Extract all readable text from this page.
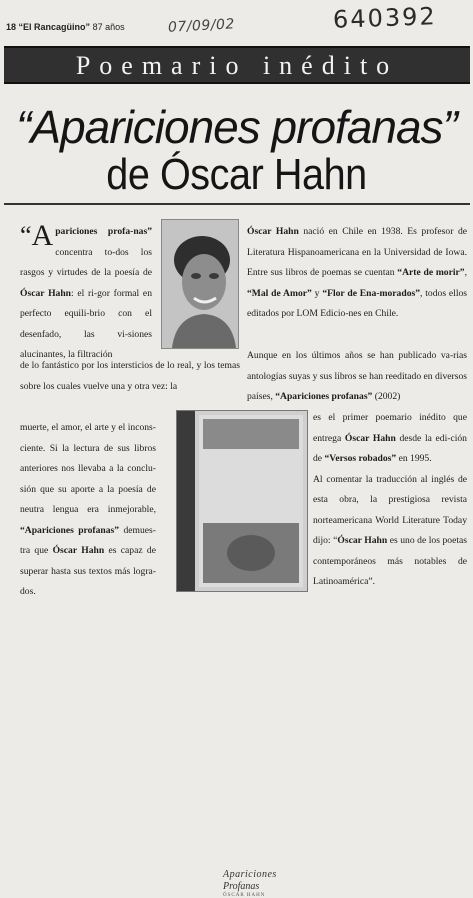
18 “El Rancagüino” 87 años	07/09/02	640392
Poemario inédito
“Apariciones profanas”
de Óscar Hahn

“A pariciones profa-nas” concentra to-dos los rasgos y virtudes de la poesía de Óscar Hahn: el ri-gor formal en perfecto equili-brio con el desenfado, las vi-siones alucinantes, la filtración

de lo fantástico por los intersticios de lo real, y los temas sobre los cuales vuelve una y otra vez: la

muerte, el amor, el arte y el incons-ciente. Si la lectura de sus libros anteriores nos llevaba a la conclu-sión que su aporte a la poesía de neutra lengua era inmejorable, “Apariciones profanas” demues-tra que Óscar Hahn es capaz de superar hasta sus textos más logra-dos.

Apariciones
Profanas
ÓSCAR HAHN

Óscar Hahn nació en Chile en 1938. Es profesor de Literatura Hispanoamericana en la Universidad de Iowa. Entre sus libros de poemas se cuentan “Arte de morir”, “Mal de Amor” y “Flor de Ena-morados”, todos ellos editados por LOM Edicio-nes en Chile.

Aunque en los últimos años se han publicado va-rias antologías suyas y sus libros se han reeditado en diversos países, “Apariciones profanas” (2002)

es el primer poemario inédito que entrega Óscar Hahn desde la edi-ción de “Versos robados” en 1995.

Al comentar la traducción al inglés de esta obra, la prestigiosa revista norteamericana World Literature Today dijo: “Óscar Hahn es uno de los poetas contemporáneos más notables de Latinoamérica”.
